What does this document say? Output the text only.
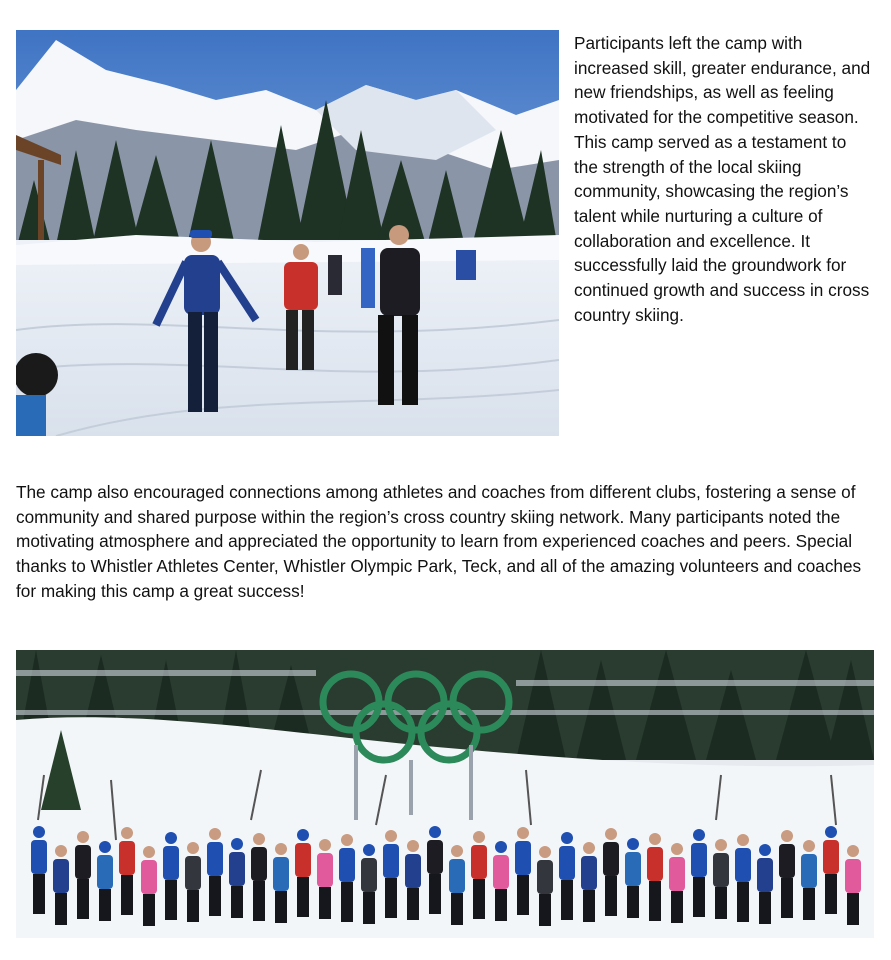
Participants left the camp with increased skill, greater endurance, and new friendships, as well as feeling motivated for the competitive season. This camp served as a testament to the strength of the local skiing community, showcasing the region’s talent while nurturing a culture of collaboration and excellence. It successfully laid the groundwork for continued growth and success in cross country skiing.

The camp also encouraged connections among athletes and coaches from different clubs, fostering a sense of community and shared purpose within the region’s cross country skiing network. Many participants noted the motivating atmosphere and appreciated the opportunity to learn from experienced coaches and peers. Special thanks to Whistler Athletes Center, Whistler Olympic Park, Teck, and all of the amazing volunteers and coaches for making this camp a great success!
